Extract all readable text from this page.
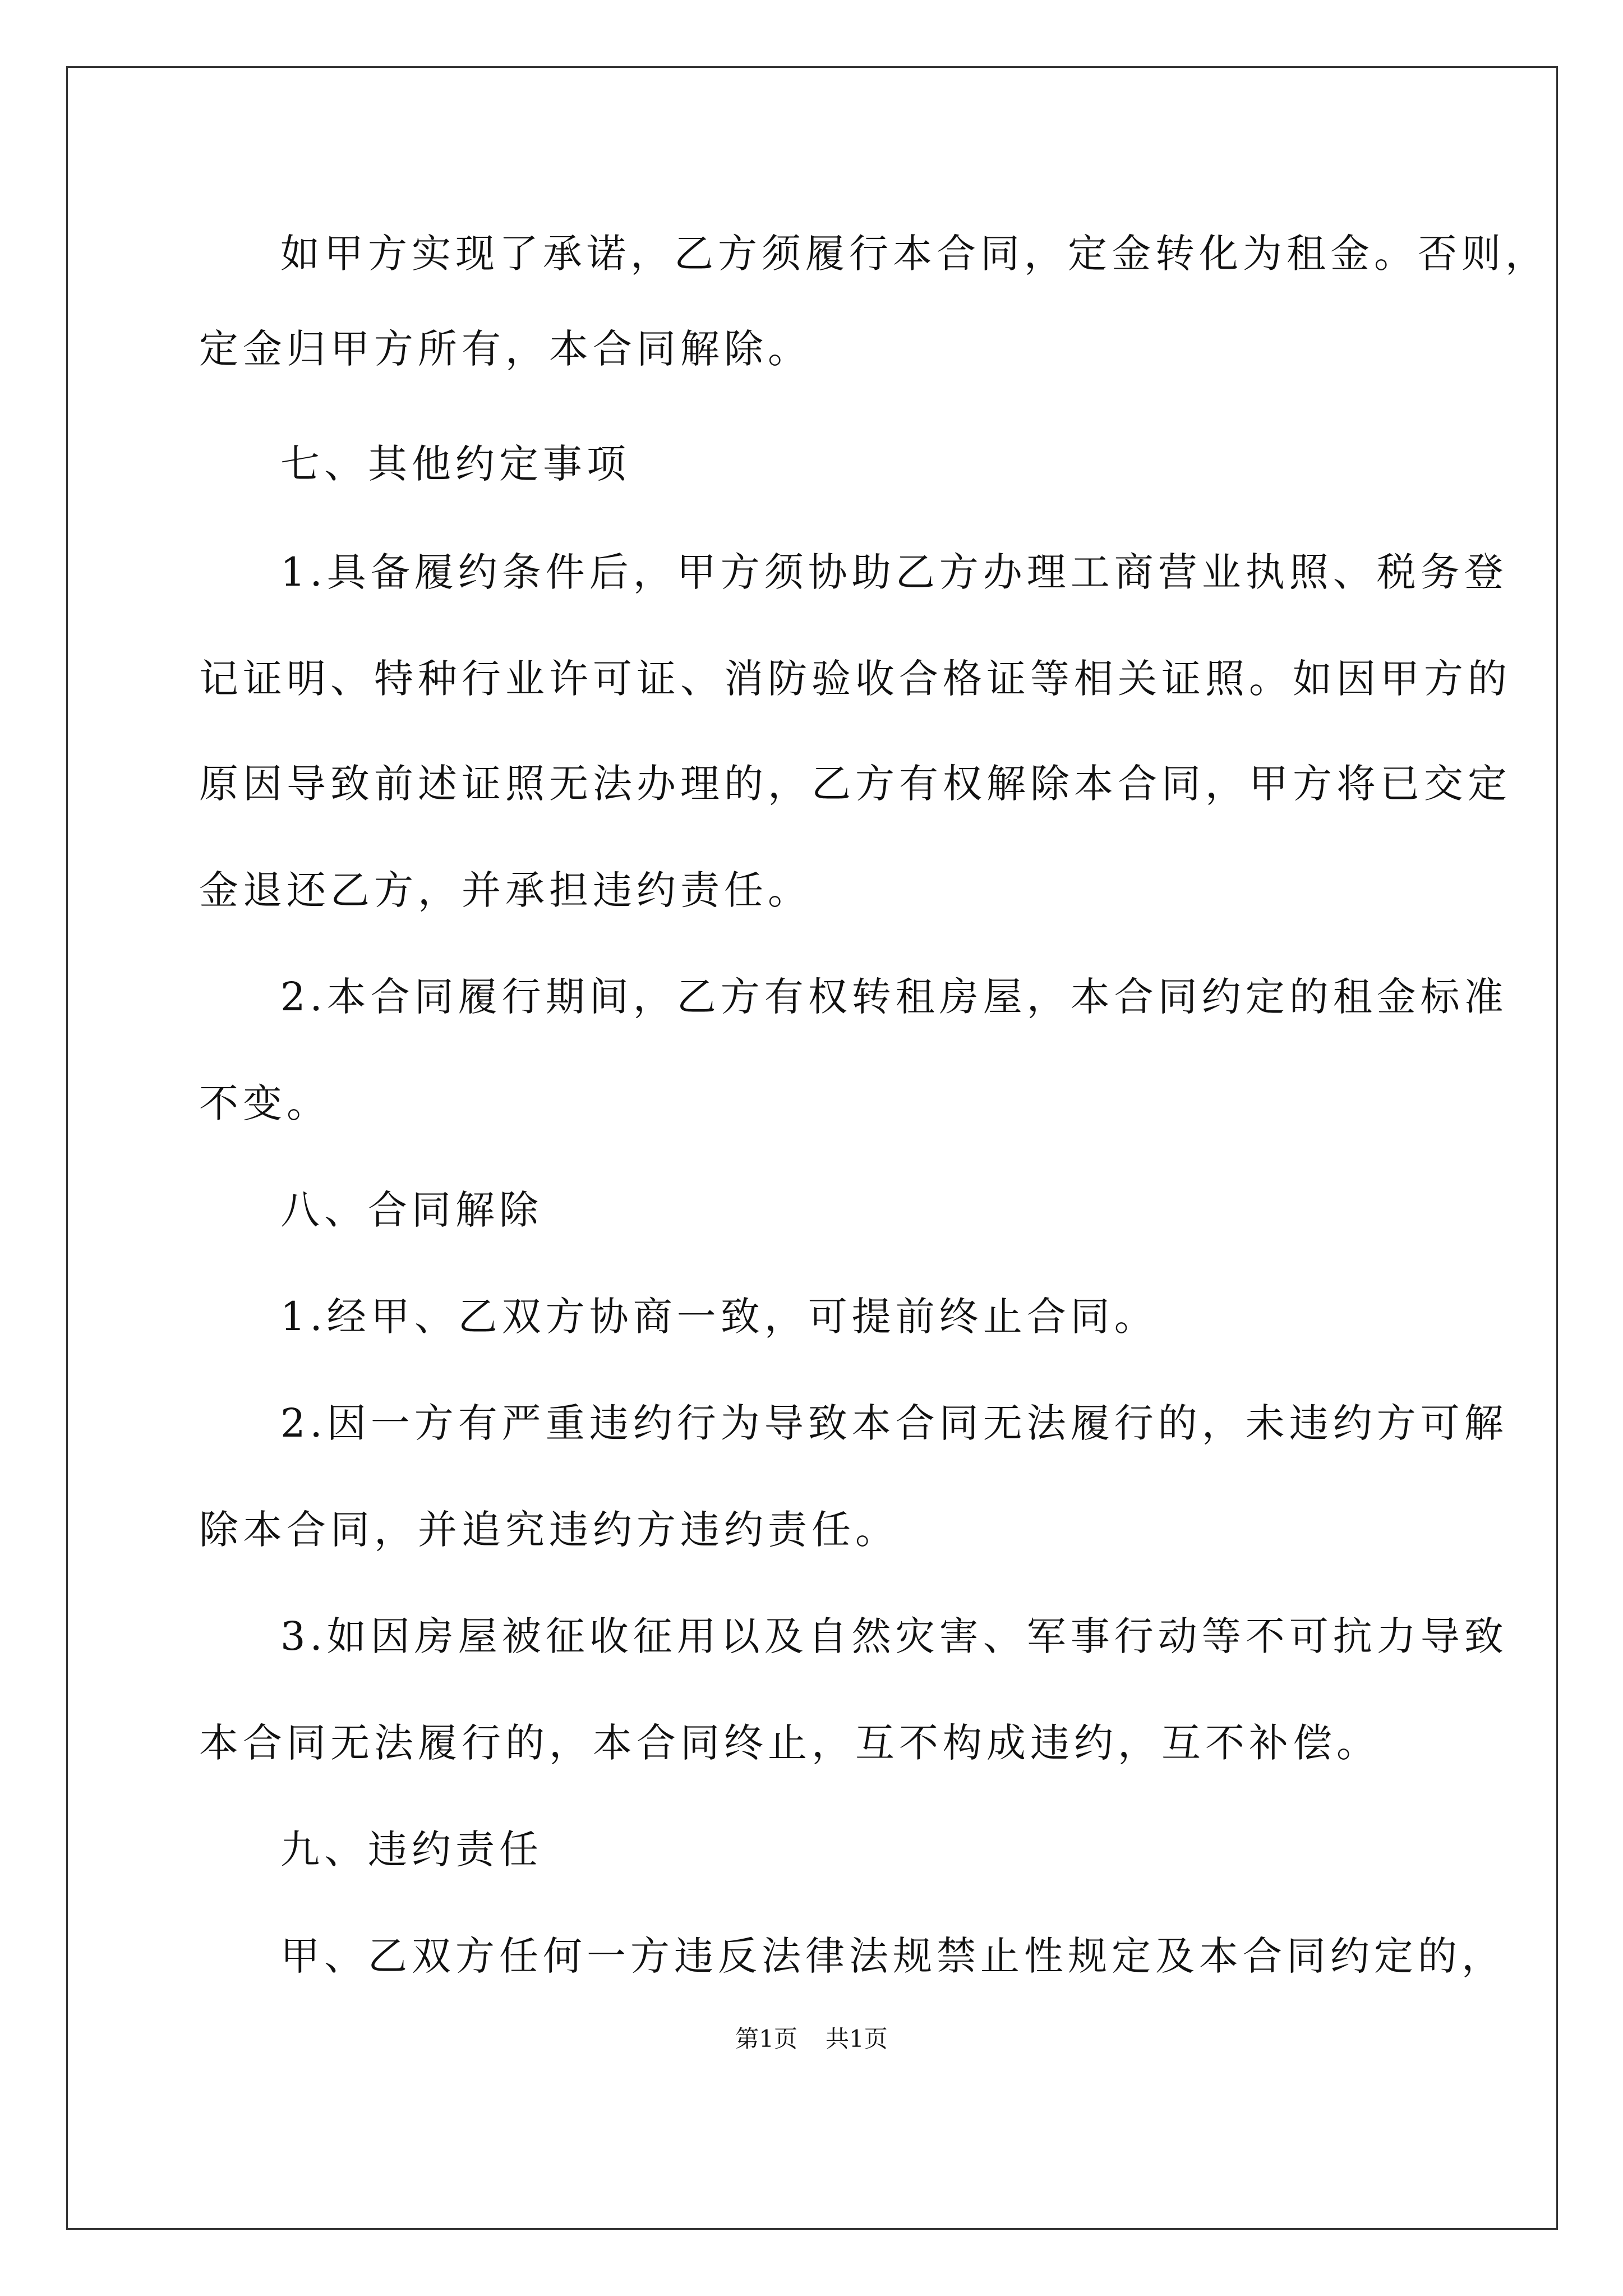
如甲方实现了承诺，乙方须履行本合同，定金转化为租金。否则，
定金归甲方所有，本合同解除。
七、其他约定事项
1.具备履约条件后，甲方须协助乙方办理工商营业执照、税务登
记证明、特种行业许可证、消防验收合格证等相关证照。如因甲方的
原因导致前述证照无法办理的，乙方有权解除本合同，甲方将已交定
金退还乙方，并承担违约责任。
2.本合同履行期间，乙方有权转租房屋，本合同约定的租金标准
不变。
八、合同解除
1.经甲、乙双方协商一致，可提前终止合同。
2.因一方有严重违约行为导致本合同无法履行的，未违约方可解
除本合同，并追究违约方违约责任。
3.如因房屋被征收征用以及自然灾害、军事行动等不可抗力导致
本合同无法履行的，本合同终止，互不构成违约，互不补偿。
九、违约责任
甲、乙双方任何一方违反法律法规禁止性规定及本合同约定的，
第1页 共1页
